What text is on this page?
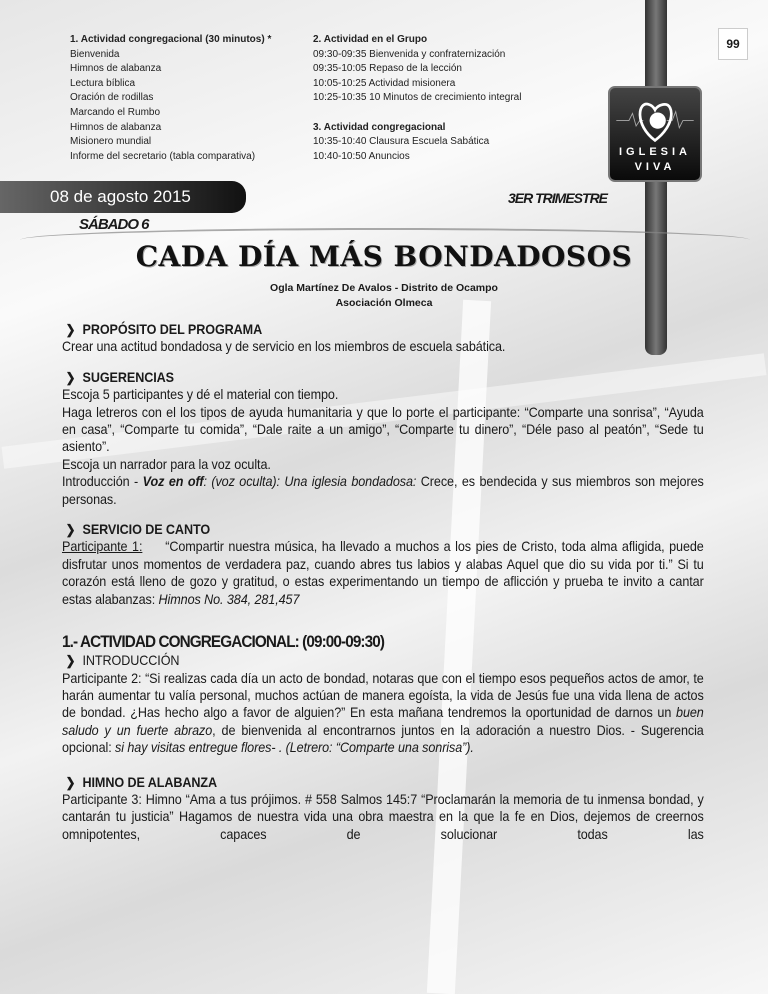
1. Actividad congregacional (30 minutos) *
Bienvenida
Himnos de alabanza
Lectura bíblica
Oración de rodillas
Marcando el Rumbo
Himnos de alabanza
Misionero mundial
Informe del secretario (tabla comparativa)
2. Actividad en el Grupo
09:30-09:35 Bienvenida y confraternización
09:35-10:05 Repaso de la lección
10:05-10:25 Actividad misionera
10:25-10:35 10 Minutos de crecimiento integral
3. Actividad congregacional
10:35-10:40 Clausura Escuela Sabática
10:40-10:50 Anuncios
99
IGLESIA
VIVA
08 de agosto 2015	3ER TRIMESTRE
SÁBADO 6
CADA DÍA MÁS BONDADOSOS
Ogla Martínez De Avalos - Distrito de Ocampo
Asociación Olmeca
❯ PROPÓSITO DEL PROGRAMA
Crear una actitud bondadosa y de servicio en los miembros de escuela sabática.
❯ SUGERENCIAS
Escoja 5 participantes y dé el material con tiempo.
Haga letreros con el los tipos de ayuda humanitaria y que lo porte el participante: “Comparte una sonrisa”, “Ayuda en casa”, “Comparte tu comida”, “Dale raite a un amigo”, “Comparte tu dinero”, “Déle paso al peatón”, “Sede tu asiento”.
Escoja un narrador para la voz oculta.
Introducción - Voz en off: (voz oculta): Una iglesia bondadosa: Crece, es bendecida y sus miembros son mejores personas.
❯ SERVICIO DE CANTO
Participante 1:     “Compartir nuestra música, ha llevado a muchos a los pies de Cristo, toda alma afligida, puede disfrutar unos momentos de verdadera paz, cuando abres tus labios y alabas Aquel que dio su vida por ti.” Si tu corazón está lleno de gozo y gratitud, o estas experimentando un tiempo de aflicción y prueba te invito a cantar estas alabanzas: Himnos No. 384, 281,457
1.- ACTIVIDAD CONGREGACIONAL: (09:00-09:30)
❯ INTRODUCCIÓN
Participante 2: “Si realizas cada día un acto de bondad, notaras que con el tiempo esos pequeños actos de amor, te harán aumentar tu valía personal, muchos actúan de manera egoísta, la vida de Jesús fue una vida llena de actos de bondad. ¿Has hecho algo a favor de alguien?” En esta mañana tendremos la oportunidad de darnos un buen saludo y un fuerte abrazo, de bienvenida al encontrarnos juntos en la adoración a nuestro Dios. - Sugerencia opcional: si hay visitas entregue flores- . (Letrero: “Comparte una sonrisa”).
❯ HIMNO DE ALABANZA
Participante 3: Himno “Ama a tus prójimos. # 558 Salmos 145:7 “Proclamarán la memoria de tu inmensa bondad, y cantarán tu justicia” Hagamos de nuestra vida una obra maestra en la que la fe en Dios, dejemos de creernos omnipotentes, capaces de solucionar todas las
